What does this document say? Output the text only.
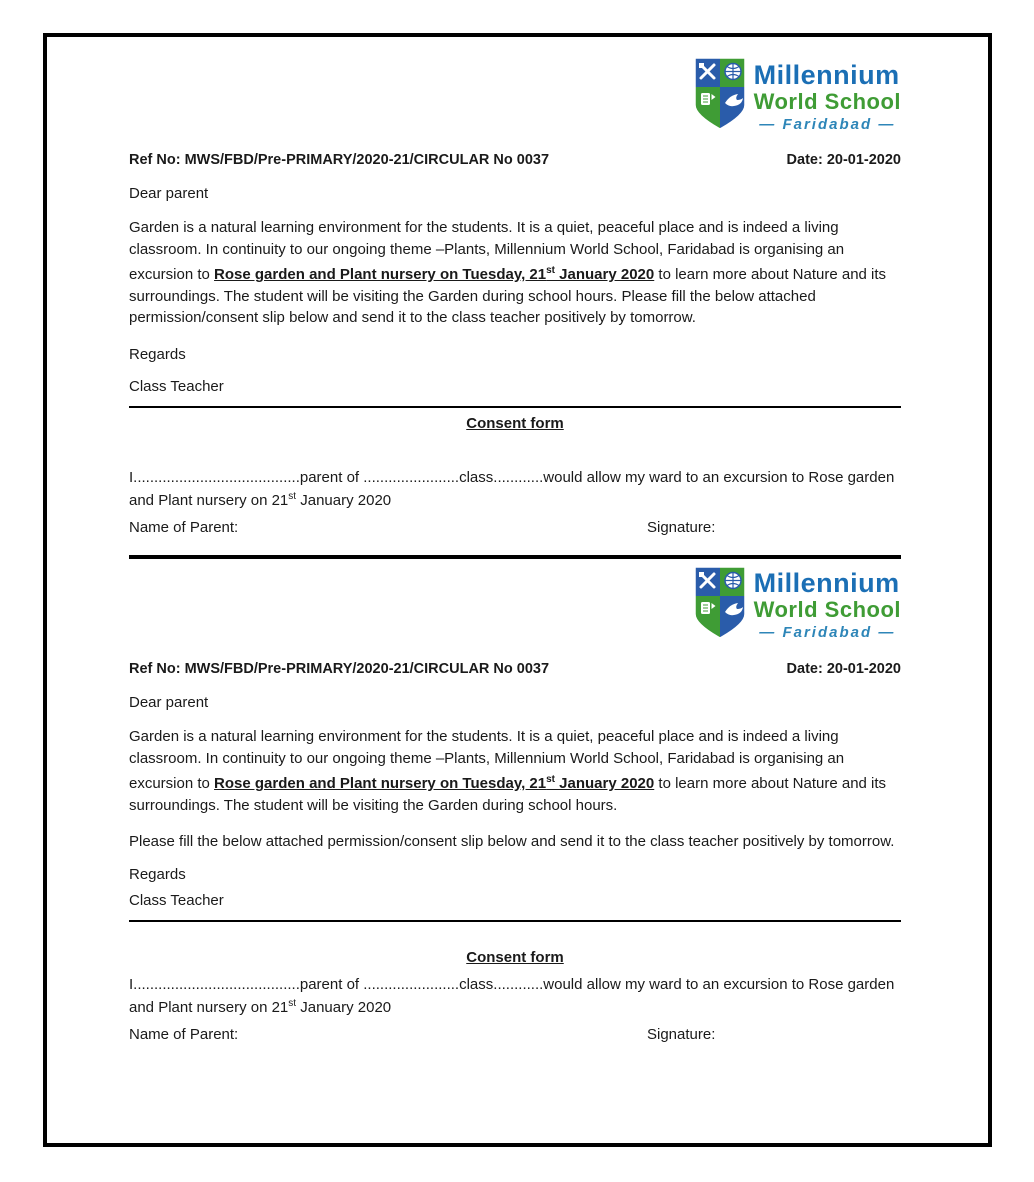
Millennium
World School
— Faridabad —
Ref No: MWS/FBD/Pre-PRIMARY/2020-21/CIRCULAR No 0037	Date: 20-01-2020
Dear parent

Garden is a natural learning environment for the students. It is a quiet, peaceful place and is indeed a living classroom. In continuity to our ongoing theme –Plants, Millennium World School, Faridabad is organising an excursion to Rose garden and Plant nursery on Tuesday, 21st January 2020 to learn more about Nature and its surroundings. The student will be visiting the Garden during school hours. Please fill the below attached permission/consent slip below and send it to the class teacher positively by tomorrow.

Regards
Class Teacher
Consent form

I........................................parent of .......................class............would allow my ward to an excursion to Rose garden and Plant nursery on 21st January 2020

Name of Parent:	Signature:
Millennium
World School
— Faridabad —
Ref No: MWS/FBD/Pre-PRIMARY/2020-21/CIRCULAR No 0037	Date: 20-01-2020
Dear parent

Garden is a natural learning environment for the students. It is a quiet, peaceful place and is indeed a living classroom. In continuity to our ongoing theme –Plants, Millennium World School, Faridabad is organising an excursion to Rose garden and Plant nursery on Tuesday, 21st January 2020 to learn more about Nature and its surroundings. The student will be visiting the Garden during school hours.

Please fill the below attached permission/consent slip below and send it to the class teacher positively by tomorrow.

Regards
Class Teacher
Consent form

I........................................parent of .......................class............would allow my ward to an excursion to Rose garden and Plant nursery on 21st January 2020

Name of Parent:	Signature:
